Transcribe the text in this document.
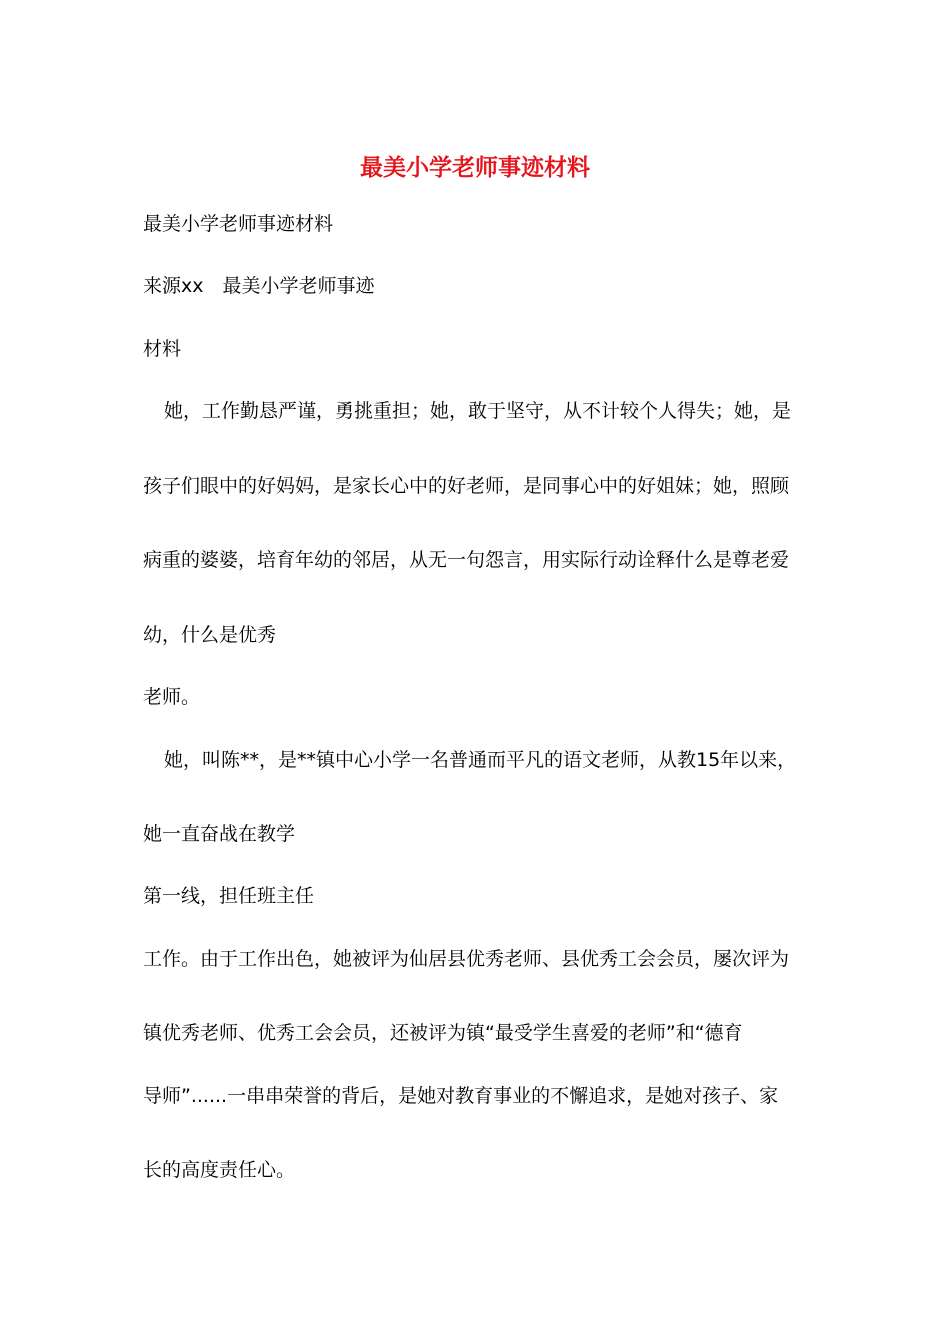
最美小学老师事迹材料
最美小学老师事迹材料
来源xx　最美小学老师事迹
材料
她，工作勤恳严谨，勇挑重担；她，敢于坚守，从不计较个人得失；她，是
孩子们眼中的好妈妈，是家长心中的好老师，是同事心中的好姐妹；她，照顾
病重的婆婆，培育年幼的邻居，从无一句怨言，用实际行动诠释什么是尊老爱
幼，什么是优秀
老师。
她，叫陈**，是**镇中心小学一名普通而平凡的语文老师，从教15年以来，
她一直奋战在教学
第一线，担任班主任
工作。由于工作出色，她被评为仙居县优秀老师、县优秀工会会员，屡次评为
镇优秀老师、优秀工会会员，还被评为镇“最受学生喜爱的老师”和“德育
导师”......一串串荣誉的背后，是她对教育事业的不懈追求，是她对孩子、家
长的高度责任心。
